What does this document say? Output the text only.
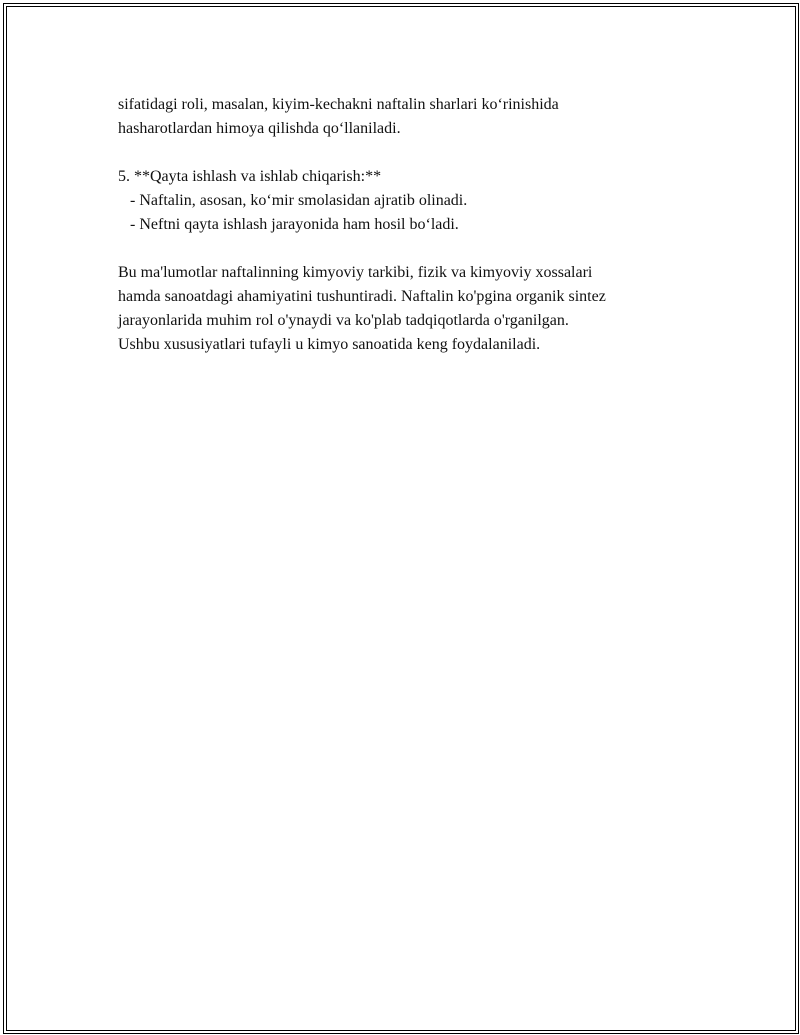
sifatidagi roli, masalan, kiyim-kechakni naftalin sharlari koʻrinishida
hasharotlardan himoya qilishda qoʻllaniladi.
5. **Qayta ishlash va ishlab chiqarish:**
- Naftalin, asosan, koʻmir smolasidan ajratib olinadi.
- Neftni qayta ishlash jarayonida ham hosil boʻladi.
Bu ma'lumotlar naftalinning kimyoviy tarkibi, fizik va kimyoviy xossalari
hamda sanoatdagi ahamiyatini tushuntiradi. Naftalin ko'pgina organik sintez
jarayonlarida muhim rol o'ynaydi va ko'plab tadqiqotlarda o'rganilgan.
Ushbu xususiyatlari tufayli u kimyo sanoatida keng foydalaniladi.
